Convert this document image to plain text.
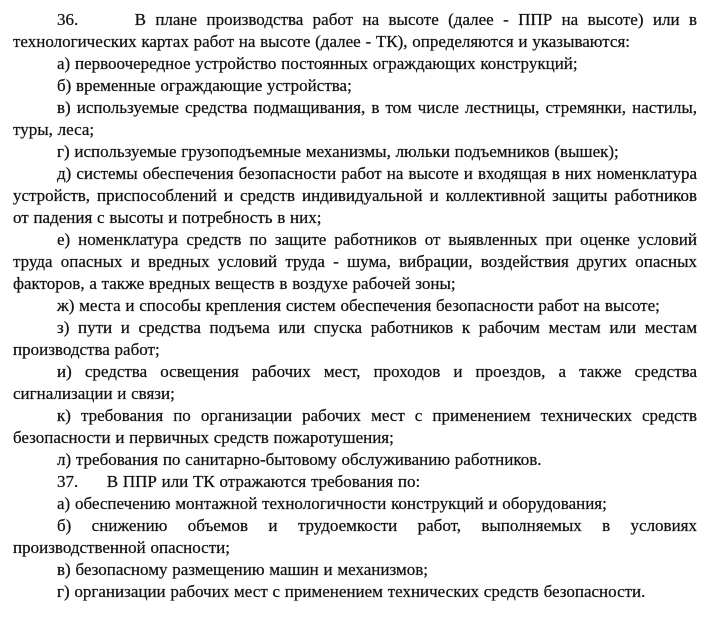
36.      В плане производства работ на высоте (далее - ППР на высоте) или в технологических картах работ на высоте (далее - ТК), определяются и указываются:

а) первоочередное устройство постоянных ограждающих конструкций;

б) временные ограждающие устройства;

в) используемые средства подмащивания, в том числе лестницы, стремянки, настилы, туры, леса;

г) используемые грузоподъемные механизмы, люльки подъемников (вышек);

д) системы обеспечения безопасности работ на высоте и входящая в них номенклатура устройств, приспособлений и средств индивидуальной и коллективной защиты работников от падения с высоты и потребность в них;

е) номенклатура средств по защите работников от выявленных при оценке условий труда опасных и вредных условий труда - шума, вибрации, воздействия других опасных факторов, а также вредных веществ в воздухе рабочей зоны;

ж) места и способы крепления систем обеспечения безопасности работ на высоте;

з) пути и средства подъема или спуска работников к рабочим местам или местам производства работ;

и) средства освещения рабочих мест, проходов и проездов, а также средства сигнализации и связи;

к) требования по организации рабочих мест с применением технических средств безопасности и первичных средств пожаротушения;

л) требования по санитарно-бытовому обслуживанию работников.

37.      В ППР или ТК отражаются требования по:

а) обеспечению монтажной технологичности конструкций и оборудования;

б) снижению объемов и трудоемкости работ, выполняемых в условиях производственной опасности;

в) безопасному размещению машин и механизмов;

г) организации рабочих мест с применением технических средств безопасности.
